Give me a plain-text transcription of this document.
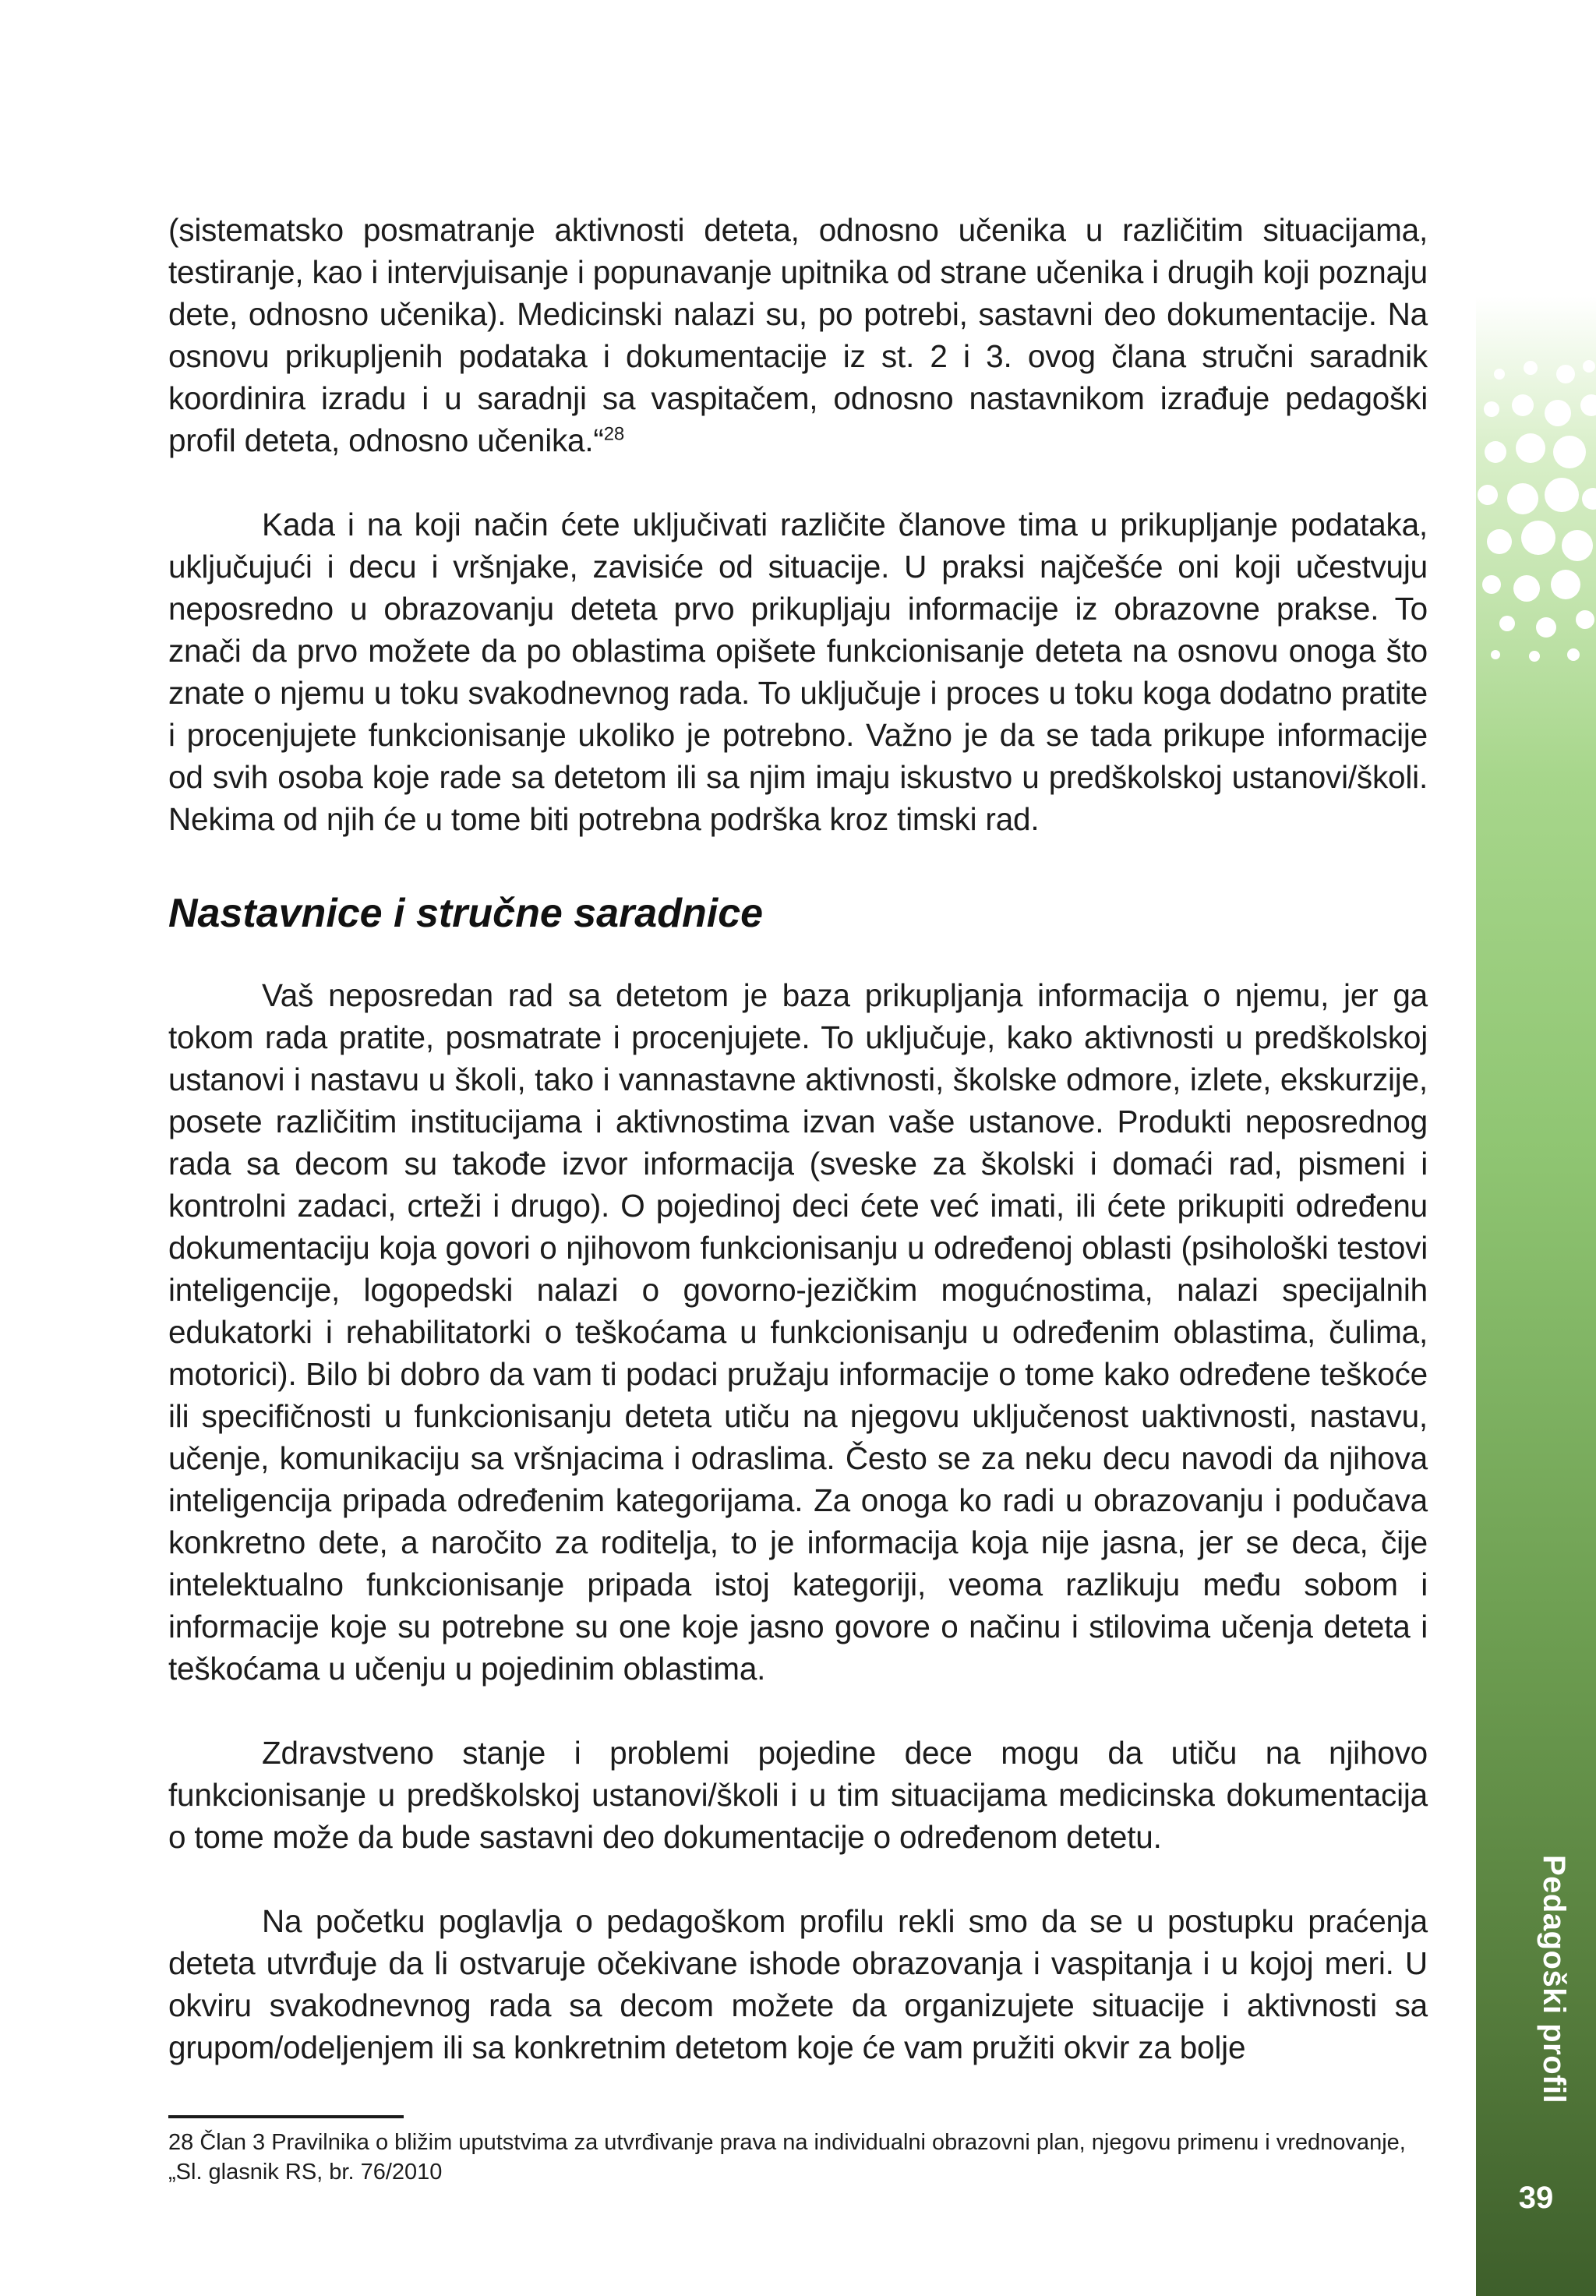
(sistematsko posmatranje aktivnosti deteta, odnosno učenika u različitim situacijama, testiranje, kao i intervjuisanje i popunavanje upitnika od strane učenika i drugih koji poznaju dete, odnosno učenika). Medicinski nalazi su, po potrebi, sastavni deo dokumentacije. Na osnovu prikupljenih podataka i dokumentacije iz st. 2 i 3. ovog člana stručni saradnik koordinira izradu i u saradnji sa vaspitačem, odnosno nastavnikom izrađuje pedagoški profil deteta, odnosno učenika.“$^{28}$

Kada i na koji način ćete uključivati različite članove tima u prikupljanje podataka, uključujući i decu i vršnjake, zavisiće od situacije. U praksi najčešće oni koji učestvuju neposredno u obrazovanju deteta prvo prikupljaju informacije iz obrazovne prakse. To znači da prvo možete da po oblastima opišete funkcionisanje deteta na osnovu onoga što znate o njemu u toku svakodnevnog rada. To uključuje i proces u toku koga dodatno pratite i procenjujete funkcionisanje ukoliko je potrebno. Važno je da se tada prikupe informacije od svih osoba koje rade sa detetom ili sa njim imaju iskustvo u predškolskoj ustanovi/školi. Nekima od njih će u tome biti potrebna podrška kroz timski rad.

Nastavnice i stručne saradnice

Vaš neposredan rad sa detetom je baza prikupljanja informacija o njemu, jer ga tokom rada pratite, posmatrate i procenjujete. To uključuje, kako aktivnosti u predškolskoj ustanovi i nastavu u školi, tako i vannastavne aktivnosti, školske odmore, izlete, ekskurzije, posete različitim institucijama i aktivnostima izvan vaše ustanove. Produkti neposrednog rada sa decom su takođe izvor informacija (sveske za školski i domaći rad, pismeni i kontrolni zadaci, crteži i drugo). O pojedinoj deci ćete već imati, ili ćete prikupiti određenu dokumentaciju koja govori o njihovom funkcionisanju u određenoj oblasti (psihološki testovi inteligencije, logopedski nalazi o govorno-jezičkim mogućnostima, nalazi specijalnih edukatorki i rehabilitatorki o teškoćama u funkcionisanju u određenim oblastima, čulima, motorici). Bilo bi dobro da vam ti podaci pružaju informacije o tome kako određene teškoće ili specifičnosti u funkcionisanju deteta utiču na njegovu uključenost uaktivnosti, nastavu, učenje, komunikaciju sa vršnjacima i odraslima. Često se za neku decu navodi da njihova inteligencija pripada određenim kategorijama. Za onoga ko radi u obrazovanju i podučava konkretno dete, a naročito za roditelja, to je informacija koja nije jasna, jer se deca, čije intelektualno funkcionisanje pripada istoj kategoriji, veoma razlikuju među sobom i informacije koje su potrebne su one koje jasno govore o načinu i stilovima učenja deteta i teškoćama u učenju u pojedinim oblastima.

Zdravstveno stanje i problemi pojedine dece mogu da utiču na njihovo funkcionisanje u predškolskoj ustanovi/školi i u tim situacijama medicinska dokumentacija o tome može da bude sastavni deo dokumentacije o određenom detetu.

Na početku poglavlja o pedagoškom profilu rekli smo da se u postupku praćenja deteta utvrđuje da li ostvaruje očekivane ishode obrazovanja i vaspitanja i u kojoj meri. U okviru svakodnevnog rada sa decom možete da organizujete situacije i aktivnosti sa grupom/odeljenjem ili sa konkretnim detetom koje će vam pružiti okvir za bolje

28 Član 3 Pravilnika o bližim uputstvima za utvrđivanje prava na individualni obrazovni plan, njegovu primenu i vrednovanje, „Sl. glasnik RS, br. 76/2010

Pedagoški profil
39
